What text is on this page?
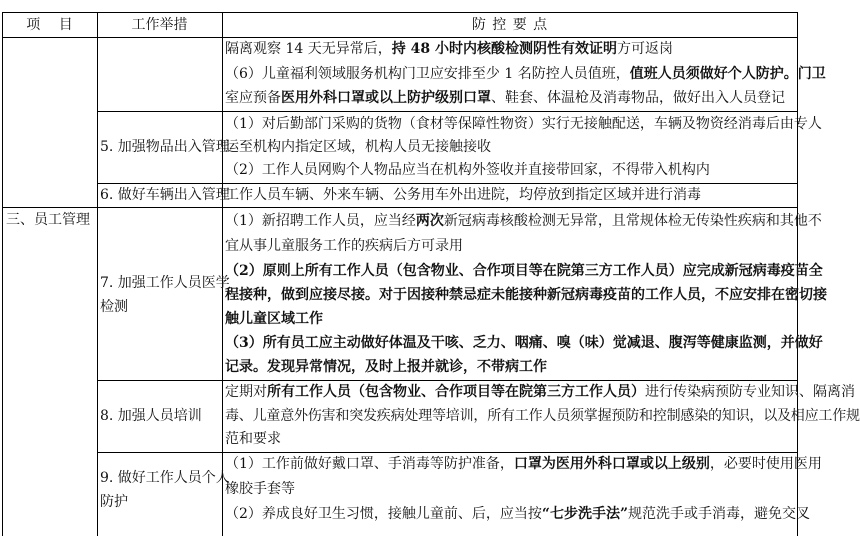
项 目	工作举措	防 控 要 点
隔离观察 14 天无异常后，持 48 小时内核酸检测阴性有效证明方可返岗
（6）儿童福利领域服务机构门卫应安排至少 1 名防控人员值班，值班人员须做好个人防护。门卫
室应预备医用外科口罩或以上防护级别口罩、鞋套、体温枪及消毒物品，做好出入人员登记
5. 加强物品出入管理
（1）对后勤部门采购的货物（食材等保障性物资）实行无接触配送，车辆及物资经消毒后由专人
运至机构内指定区域，机构人员无接触接收
（2）工作人员网购个人物品应当在机构外签收并直接带回家，不得带入机构内
6. 做好车辆出入管理
工作人员车辆、外来车辆、公务用车外出进院，均停放到指定区域并进行消毒
三、员工管理
7. 加强工作人员医学
检测
（1）新招聘工作人员，应当经两次新冠病毒核酸检测无异常，且常规体检无传染性疾病和其他不
宜从事儿童服务工作的疾病后方可录用
（2）原则上所有工作人员（包含物业、合作项目等在院第三方工作人员）应完成新冠病毒疫苗全
程接种，做到应接尽接。对于因接种禁忌症未能接种新冠病毒疫苗的工作人员，不应安排在密切接
触儿童区域工作
（3）所有员工应主动做好体温及干咳、乏力、咽痛、嗅（味）觉减退、腹泻等健康监测，并做好
记录。发现异常情况，及时上报并就诊，不带病工作
8. 加强人员培训
定期对所有工作人员（包含物业、合作项目等在院第三方工作人员）进行传染病预防专业知识、隔离消
毒、儿童意外伤害和突发疾病处理等培训，所有工作人员须掌握预防和控制感染的知识，以及相应工作规
范和要求
9. 做好工作人员个人
防护
（1）工作前做好戴口罩、手消毒等防护准备，口罩为医用外科口罩或以上级别，必要时使用医用
橡胶手套等
（2）养成良好卫生习惯，接触儿童前、后，应当按“七步洗手法”规范洗手或手消毒，避免交叉
